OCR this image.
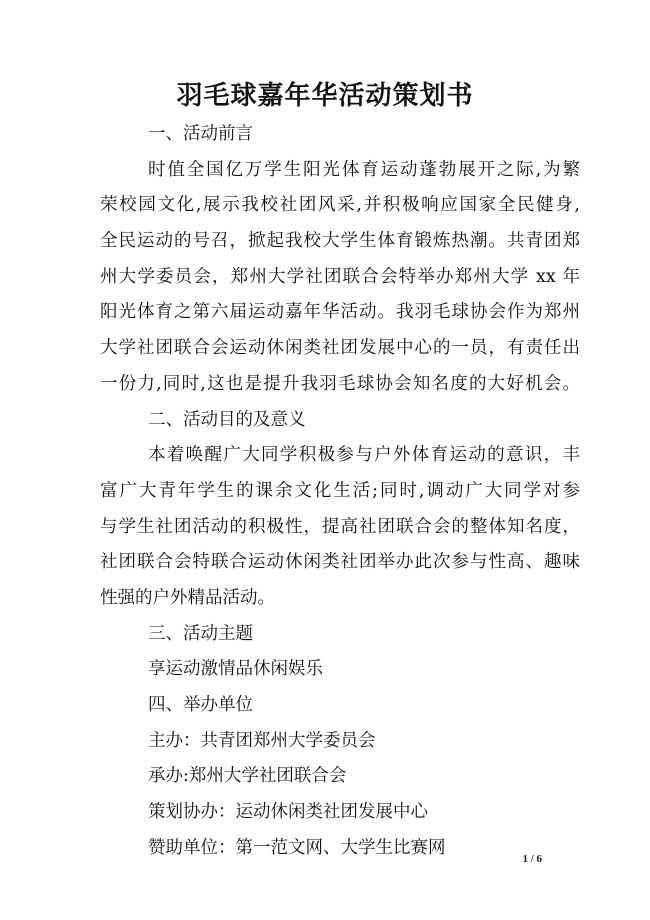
羽毛球嘉年华活动策划书

一、活动前言

时值全国亿万学生阳光体育运动蓬勃展开之际,为繁

荣校园文化,展示我校社团风采,并积极响应国家全民健身,

全民运动的号召，掀起我校大学生体育锻炼热潮。共青团郑

州大学委员会，郑州大学社团联合会特举办郑州大学 xx 年

阳光体育之第六届运动嘉年华活动。我羽毛球协会作为郑州

大学社团联合会运动休闲类社团发展中心的一员，有责任出

一份力,同时,这也是提升我羽毛球协会知名度的大好机会。

二、活动目的及意义

本着唤醒广大同学积极参与户外体育运动的意识，丰

富广大青年学生的课余文化生活;同时,调动广大同学对参

与学生社团活动的积极性，提高社团联合会的整体知名度，

社团联合会特联合运动休闲类社团举办此次参与性高、趣味

性强的户外精品活动。

三、活动主题

享运动激情品休闲娱乐

四、举办单位

主办：共青团郑州大学委员会

承办:郑州大学社团联合会

策划协办：运动休闲类社团发展中心

赞助单位：第一范文网、大学生比赛网

1 / 6
